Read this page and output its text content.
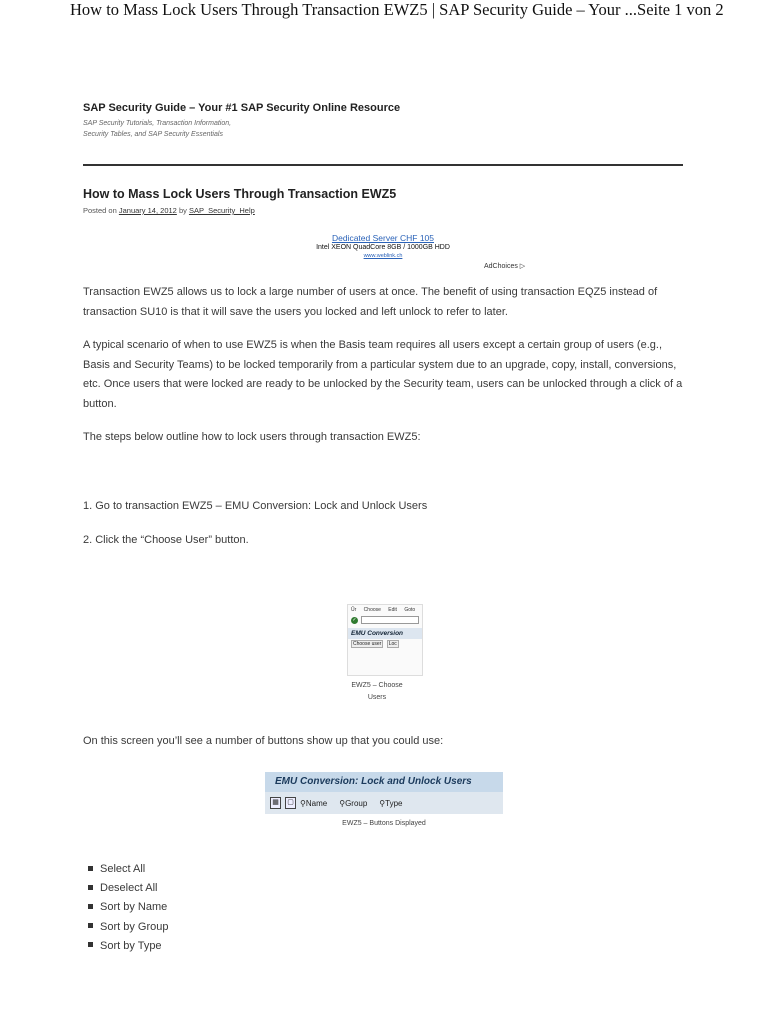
How to Mass Lock Users Through Transaction EWZ5 | SAP Security Guide – Your ... Seite 1 von 2

SAP Security Guide – Your #1 SAP Security Online Resource

SAP Security Tutorials, Transaction Information, Security Tables, and SAP Security Essentials
How to Mass Lock Users Through Transaction EWZ5
Posted on January 14, 2012 by SAP_Security_Help
Dedicated Server CHF 105
Intel XEON QuadCore 8GB / 1000GB HDD
www.weblink.ch
AdChoices ▷

Transaction EWZ5 allows us to lock a large number of users at once. The benefit of using transaction EQZ5 instead of transaction SU10 is that it will save the users you locked and left unlock to refer to later.

A typical scenario of when to use EWZ5 is when the Basis team requires all users except a certain group of users (e.g., Basis and Security Teams) to be locked temporarily from a particular system due to an upgrade, copy, install, conversions, etc. Once users that were locked are ready to be unlocked by the Security team, users can be unlocked through a click of a button.

The steps below outline how to lock users through transaction EWZ5:

1. Go to transaction EWZ5 – EMU Conversion: Lock and Unlock Users

2. Click the “Choose User” button.

Ŭr Choose Edit Goto
✓
EMU Conversion
Choose user Loc

EWZ5 – Choose Users

On this screen you’ll see a number of buttons show up that you could use:

EMU Conversion: Lock and Unlock Users
▦	▢ ⚲Name ⚲Group ⚲Type
EWZ5 – Buttons Displayed
Select All
Deselect All
Sort by Name
Sort by Group
Sort by Type
